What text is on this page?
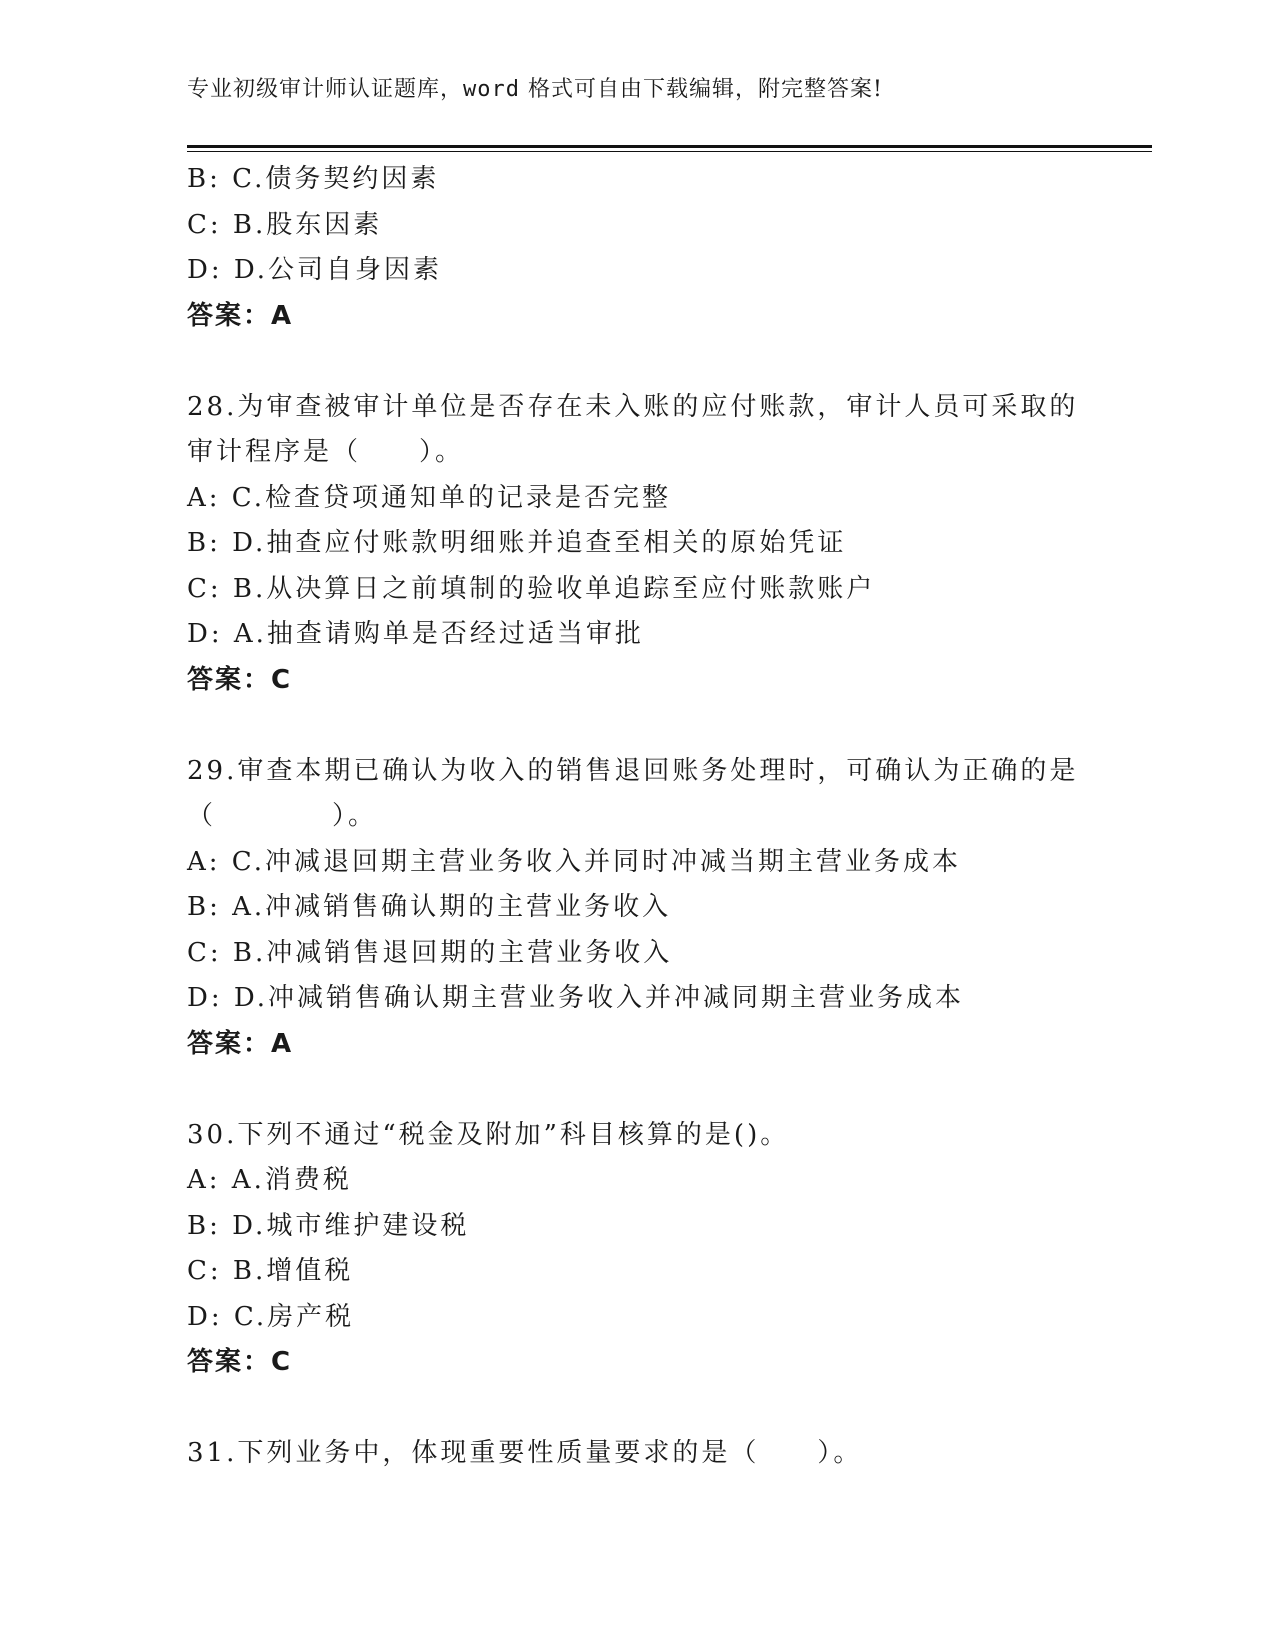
专业初级审计师认证题库，word 格式可自由下载编辑，附完整答案!
B: C.债务契约因素
C: B.股东因素
D: D.公司自身因素
答案：A
28.为审查被审计单位是否存在未入账的应付账款，审计人员可采取的
审计程序是（　　）。
A: C.检查贷项通知单的记录是否完整
B: D.抽查应付账款明细账并追查至相关的原始凭证
C: B.从决算日之前填制的验收单追踪至应付账款账户
D: A.抽查请购单是否经过适当审批
答案：C
29.审查本期已确认为收入的销售退回账务处理时，可确认为正确的是
（　　　　）。
A: C.冲减退回期主营业务收入并同时冲减当期主营业务成本
B: A.冲减销售确认期的主营业务收入
C: B.冲减销售退回期的主营业务收入
D: D.冲减销售确认期主营业务收入并冲减同期主营业务成本
答案：A
30.下列不通过“税金及附加”科目核算的是()。
A: A.消费税
B: D.城市维护建设税
C: B.增值税
D: C.房产税
答案：C
31.下列业务中，体现重要性质量要求的是（　　）。
